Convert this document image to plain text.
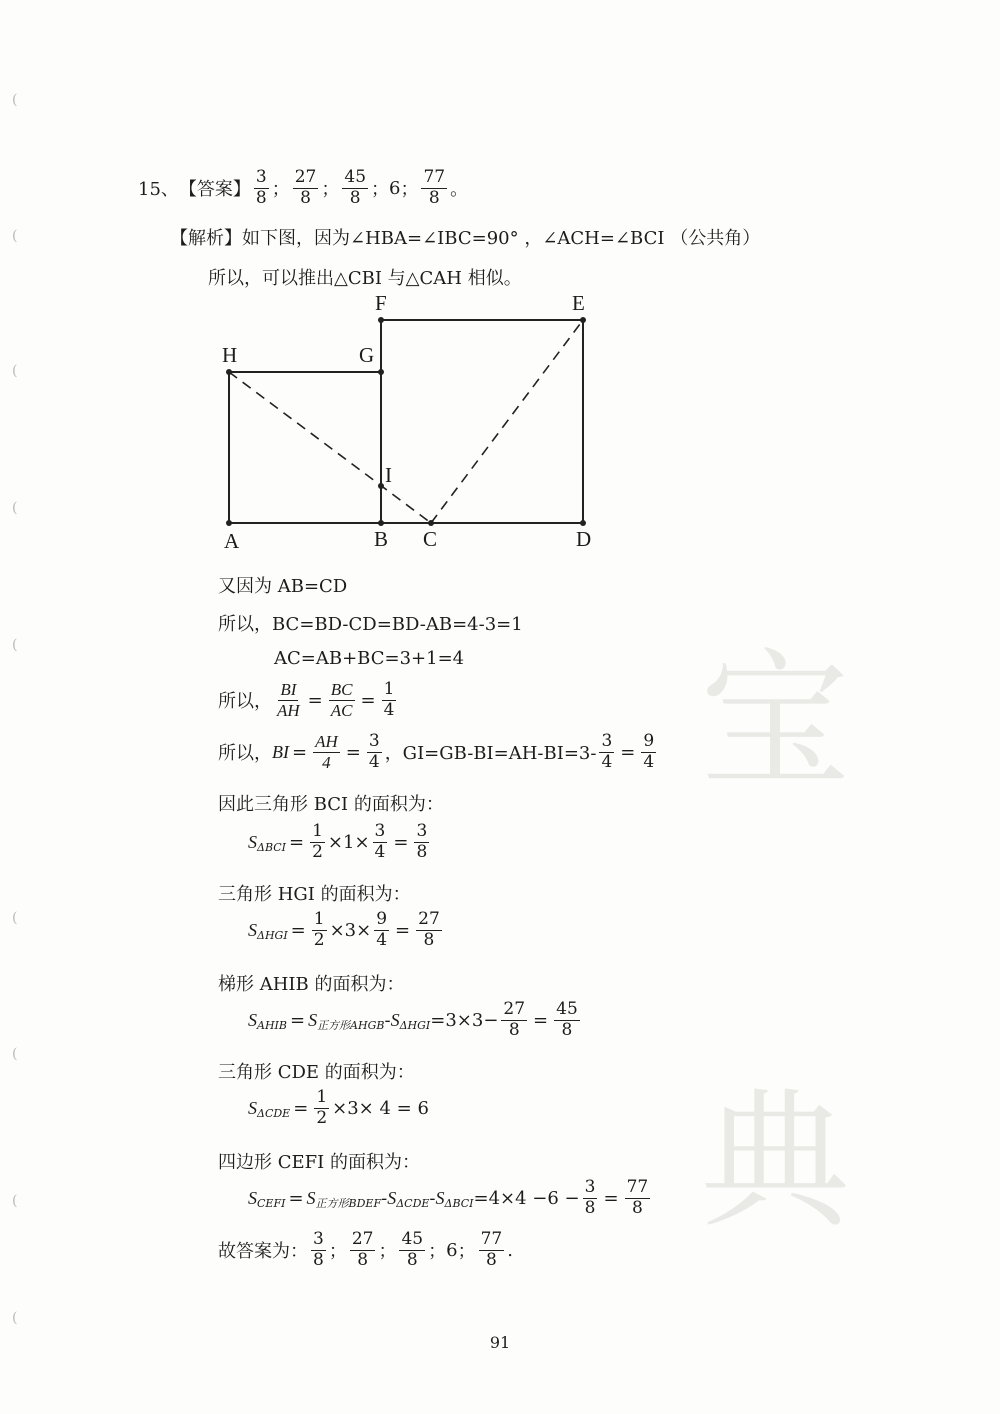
宝
典
(
(
(
(
(
(
(
(
(
15、 【答案】 $\frac{3}{8}$ ； $\frac{27}{8}$ ； $\frac{45}{8}$ ； 6 ； $\frac{77}{8}$ 。
【解析】 如下图，因为∠HBA=∠IBC=90° ，∠ACH=∠BCI （公共角）
所以，可以推出△CBI 与△CAH 相似。
A	B C	D
E
F
G
H
I
又因为 AB=CD
所以，BC=BD-CD=BD-AB=4-3=1
AC=AB+BC=3+1=4
所以， $\frac{BI}{AH} = \frac{BC}{AC} = \frac{1}{4}$
所以， BI = $\frac{AH}{4} = \frac{3}{4}$ ，$GI=GB-BI=AH-BI=3- \frac{3}{4} = \frac{9}{4}$
因此三角形 BCI 的面积为：
S $\Delta BCI = \frac{1}{2} \times 1\times \frac{3}{4} = \frac{3}{8}$
三角形 HGI 的面积为：
S $\Delta HGI = \frac{1}{2} \times 3\times \frac{9}{4} = \frac{27}{8}$
梯形 AHIB 的面积为：
S AHIB = S 正方形AHGB - S $\Delta HGI =3\times 3- \frac{27}{8} = \frac{45}{8}$
三角形 CDE 的面积为：
S $\Delta CDE = \frac{1}{2} \times 3\times 4 = 6$
四边形 CEFI 的面积为：
S CEFI = S 正方形BDEF - S ΔCDE - S $\Delta BCI =4\times 4 -6 - \frac{3}{8} = \frac{77}{8}$
故答案为： $\frac{3}{8}$ ； $\frac{27}{8}$ ； $\frac{45}{8}$ ； 6 ； $\frac{77}{8}$ .
91
